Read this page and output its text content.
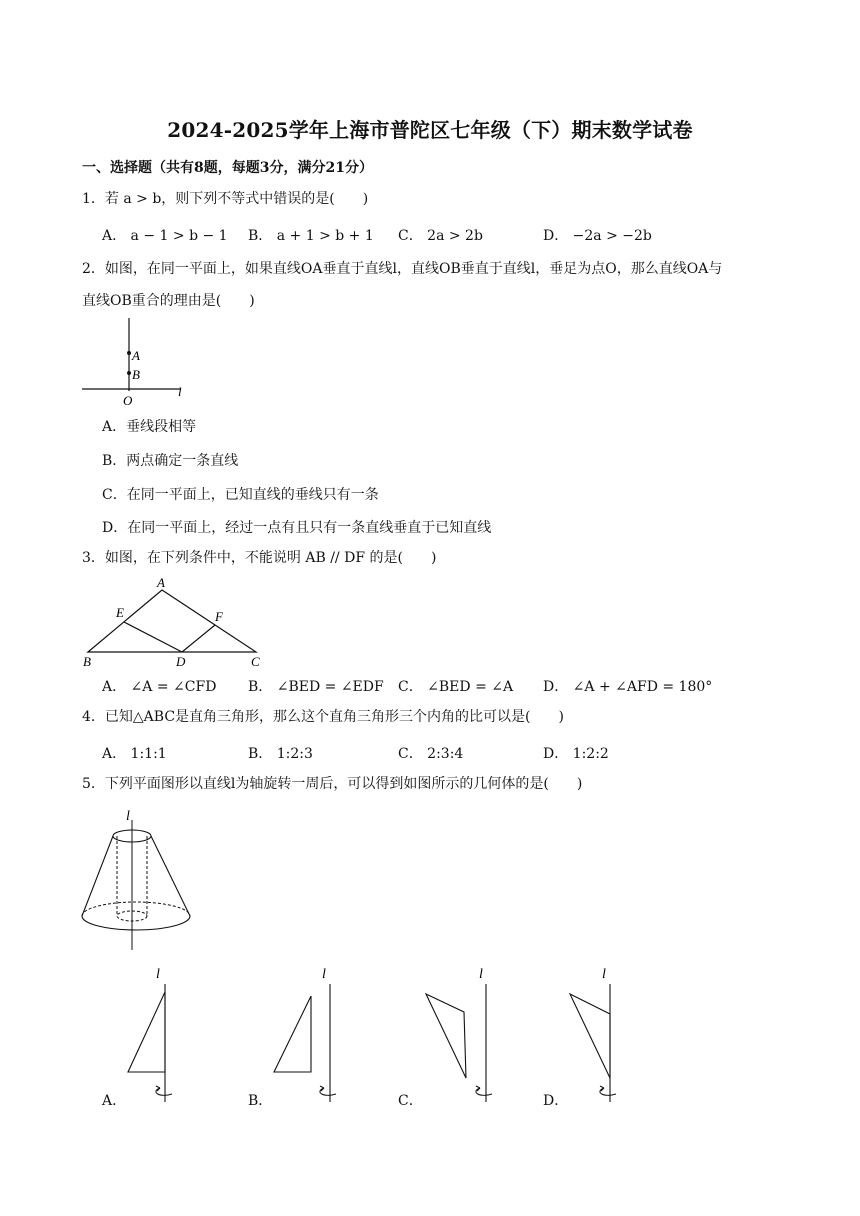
2024-2025学年上海市普陀区七年级（下）期末数学试卷
一、选择题（共有8题，每题3分，满分21分）
1．若 a > b，则下列不等式中错误的是(　　)
A． a − 1 > b − 1 B． a + 1 > b + 1 C． 2a > 2b	D． −2a > −2b
2．如图，在同一平面上，如果直线OA垂直于直线l，直线OB垂直于直线l，垂足为点O，那么直线OA与
直线OB重合的理由是(　　)
A
B
O
l
A．垂线段相等
B．两点确定一条直线
C．在同一平面上，已知直线的垂线只有一条
D．在同一平面上，经过一点有且只有一条直线垂直于已知直线
3．如图，在下列条件中，不能说明 AB // DF 的是(　　)
A
B	C
D
E	F
A． ∠A = ∠CFD B． ∠BED = ∠EDF C． ∠BED = ∠A D． ∠A + ∠AFD = 180°
4．已知△ABC是直角三角形，那么这个直角三角形三个内角的比可以是(　　)
A． 1:1:1	B． 1:2:3	C． 2:3:4	D． 1:2:2
5．下列平面图形以直线l为轴旋转一周后，可以得到如图所示的几何体的是(　　)
l
l	l	l	l
A．	B．	C．	D．
